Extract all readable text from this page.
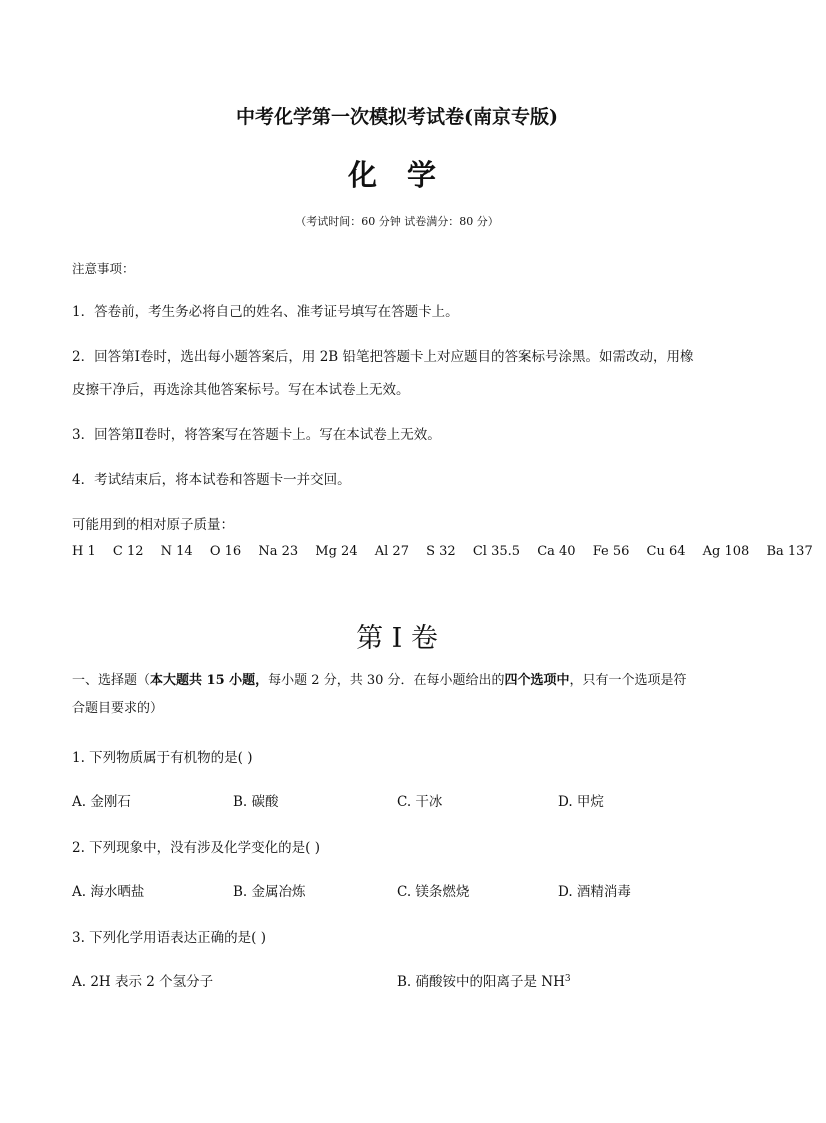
中考化学第一次模拟考试卷(南京专版)
化 学
（考试时间：60 分钟 试卷满分：80 分）
注意事项：
1．答卷前，考生务必将自己的姓名、准考证号填写在答题卡上。
2．回答第Ⅰ卷时，选出每小题答案后，用 2B 铅笔把答题卡上对应题目的答案标号涂黑。如需改动，用橡
皮擦干净后，再选涂其他答案标号。写在本试卷上无效。
3．回答第Ⅱ卷时，将答案写在答题卡上。写在本试卷上无效。
4．考试结束后，将本试卷和答题卡一并交回。
可能用到的相对原子质量：
H 1 C 12 N 14 O 16 Na 23 Mg 24 Al 27 S 32 Cl 35.5 Ca 40 Fe 56 Cu 64 Ag 108 Ba 137
第 I 卷
一、选择题（本大题共 15 小题，每小题 2 分，共 30 分．在每小题给出的四个选项中，只有一个选项是符
合题目要求的）
1. 下列物质属于有机物的是( )
A. 金刚石	B. 碳酸	C. 干冰	D. 甲烷
2. 下列现象中，没有涉及化学变化的是( )
A. 海水晒盐	B. 金属冶炼	C. 镁条燃烧	D. 酒精消毒
3. 下列化学用语表达正确的是( )
A. 2H 表示 2 个氢分子	B. 硝酸铵中的阳离子是 $NH^3$
